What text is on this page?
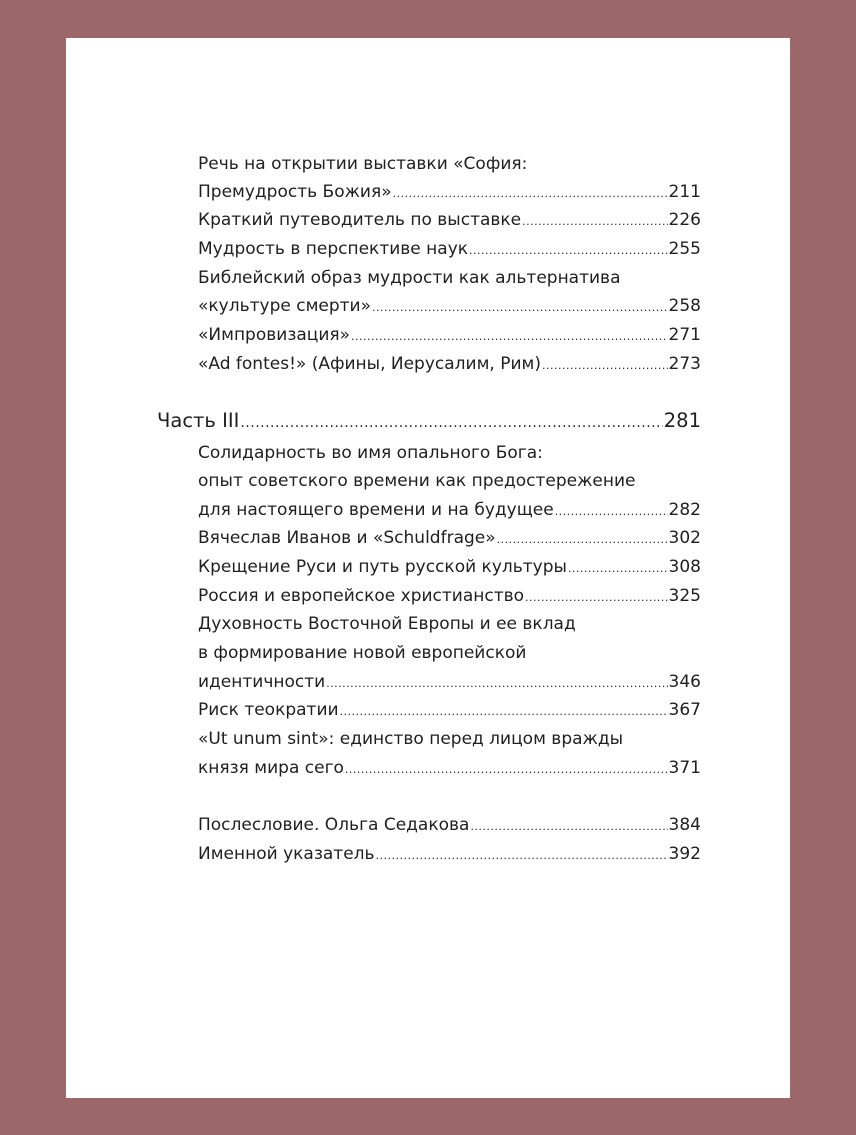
Речь на открытии выставки «София:
Премудрость Божия» .....	211
Краткий путеводитель по выставке .....	226
Мудрость в перспективе наук .....	255
Библейский образ мудрости как альтернатива
«культуре смерти» .....	258
«Импровизация» .....	271
«Ad fontes!» (Афины, Иерусалим, Рим) .....	273
Часть III .....	281
Солидарность во имя опального Бога:
опыт советского времени как предостережение
для настоящего времени и на будущее .....	282
Вячеслав Иванов и «Schuldfrage» .....	302
Крещение Руси и путь русской культуры .....	308
Россия и европейское христианство .....	325
Духовность Восточной Европы и ее вклад
в формирование новой европейской
идентичности .....	346
Риск теократии .....	367
«Ut unum sint»: единство перед лицом вражды
князя мира сего .....	371
Послесловие. Ольга Седакова .....	384
Именной указатель .....	392
